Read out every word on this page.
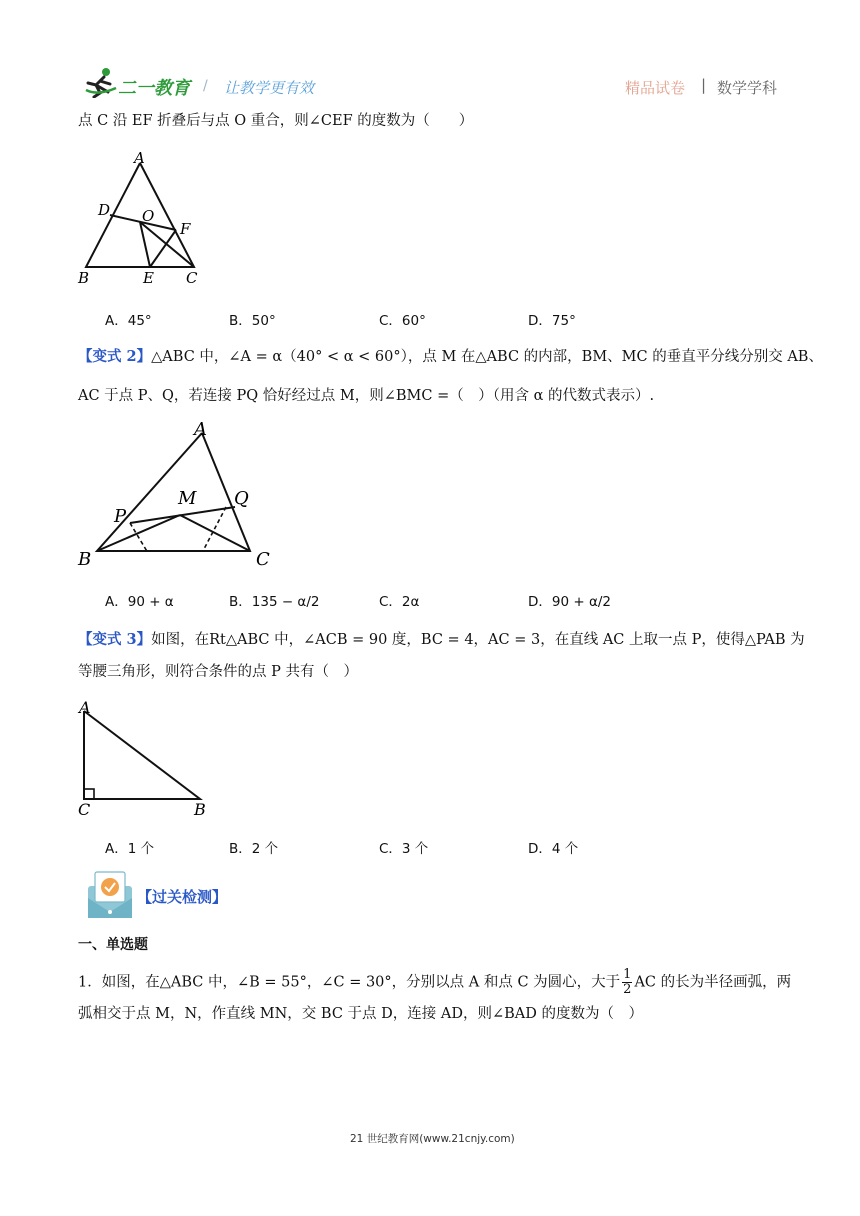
二一教育 / 让教学更有效	精品试卷 | 数学学科
点 C 沿 EF 折叠后与点 O 重合，则∠CEF 的度数为（　　）
A
D O
F
B	E C
A．45°	B．50°	C．60°	D．75°
【变式 2】△ABC 中，∠A = α（40° < α < 60°），点 M 在△ABC 的内部，BM、MC 的垂直平分线分别交 AB、
AC 于点 P、Q，若连接 PQ 恰好经过点 M，则∠BMC =（　）（用含 α 的代数式表示）.
A
M Q
P
B	C
A．90 + α	B．135 − α/2	C．2α	D．90 + α/2
【变式 3】如图，在Rt△ABC 中，∠ACB = 90 度，BC = 4，AC = 3，在直线 AC 上取一点 P，使得△PAB 为
等腰三角形，则符合条件的点 P 共有（　）
A
C	B
A．1 个	B．2 个	C．3 个	D．4 个
【过关检测】
一、单选题
1．如图，在△ABC 中，∠B = 55°，∠C = 30°，分别以点 A 和点 C 为圆心，大于 $\frac{1}{2}$ AC 的长为半径画弧，两
弧相交于点 M，N，作直线 MN，交 BC 于点 D，连接 AD，则∠BAD 的度数为（　）
21 世纪教育网(www.21cnjy.com)
